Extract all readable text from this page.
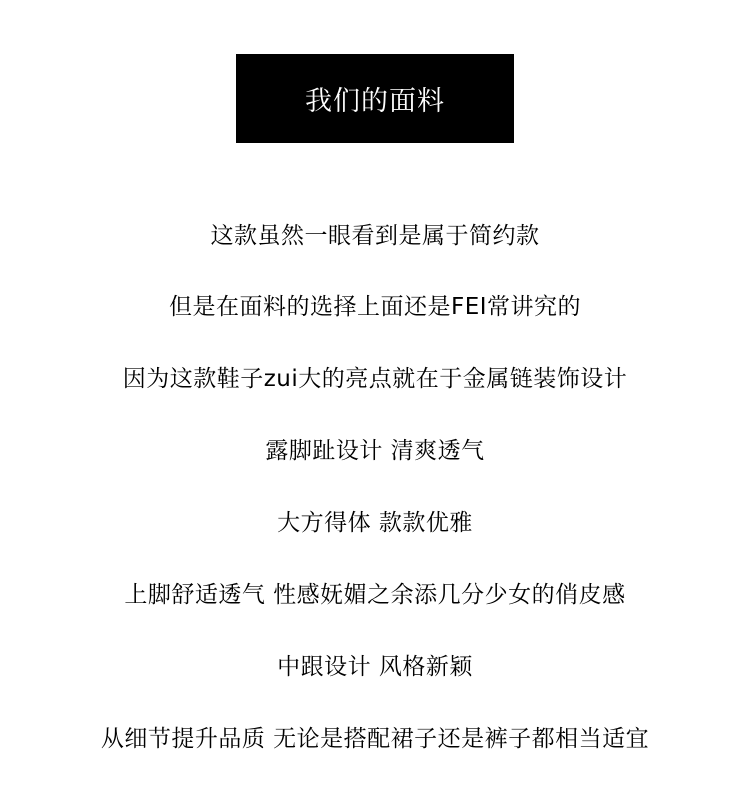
我们的面料
这款虽然一眼看到是属于简约款
但是在面料的选择上面还是FEI常讲究的
因为这款鞋子zui大的亮点就在于金属链装饰设计
露脚趾设计 清爽透气
大方得体 款款优雅
上脚舒适透气 性感妩媚之余添几分少女的俏皮感
中跟设计 风格新颖
从细节提升品质 无论是搭配裙子还是裤子都相当适宜
